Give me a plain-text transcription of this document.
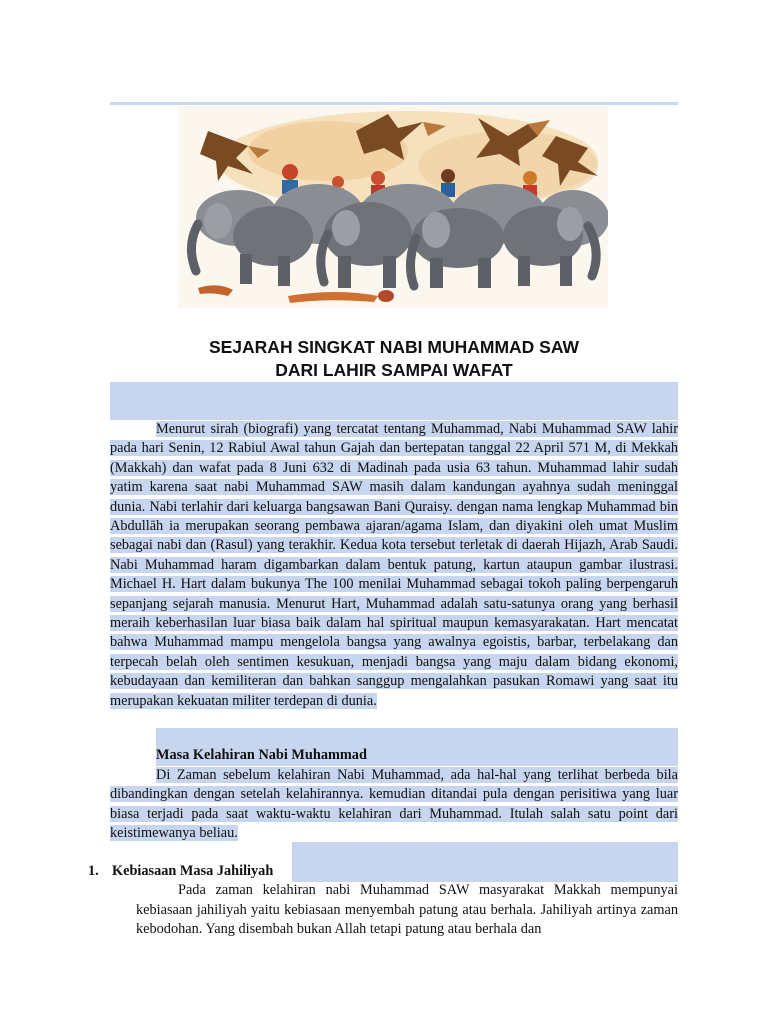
SEJARAH SINGKAT NABI MUHAMMAD SAW
DARI LAHIR SAMPAI WAFAT
Menurut sirah (biografi) yang tercatat tentang Muhammad, Nabi Muhammad SAW lahir pada hari Senin, 12 Rabiul Awal tahun Gajah dan bertepatan tanggal 22 April 571 M, di Mekkah (Makkah) dan wafat pada 8 Juni 632 di Madinah pada usia 63 tahun. Muhammad lahir sudah yatim karena saat nabi Muhammad SAW masih dalam kandungan ayahnya sudah meninggal dunia. Nabi terlahir dari keluarga bangsawan Bani Quraisy. dengan nama lengkap Muhammad bin Abdullāh ia merupakan seorang pembawa ajaran/agama Islam, dan diyakini oleh umat Muslim sebagai nabi dan (Rasul) yang terakhir. Kedua kota tersebut terletak di daerah Hijazh, Arab Saudi. Nabi Muhammad haram digambarkan dalam bentuk patung, kartun ataupun gambar ilustrasi. Michael H. Hart dalam bukunya The 100 menilai Muhammad sebagai tokoh paling berpengaruh sepanjang sejarah manusia. Menurut Hart, Muhammad adalah satu-satunya orang yang berhasil meraih keberhasilan luar biasa baik dalam hal spiritual maupun kemasyarakatan. Hart mencatat bahwa Muhammad mampu mengelola bangsa yang awalnya egoistis, barbar, terbelakang dan terpecah belah oleh sentimen kesukuan, menjadi bangsa yang maju dalam bidang ekonomi, kebudayaan dan kemiliteran dan bahkan sanggup mengalahkan pasukan Romawi yang saat itu merupakan kekuatan militer terdepan di dunia.
Masa Kelahiran Nabi Muhammad
Di Zaman sebelum kelahiran Nabi Muhammad, ada hal-hal yang terlihat berbeda bila dibandingkan dengan setelah kelahirannya. kemudian ditandai pula dengan perisitiwa yang luar biasa terjadi pada saat waktu-waktu kelahiran dari Muhammad. Itulah salah satu point dari keistimewanya beliau.
1. Kebiasaan Masa Jahiliyah
Pada zaman kelahiran nabi Muhammad SAW masyarakat Makkah mempunyai kebiasaan jahiliyah yaitu kebiasaan menyembah patung atau berhala. Jahiliyah artinya zaman kebodohan. Yang disembah bukan Allah tetapi patung atau berhala dan
